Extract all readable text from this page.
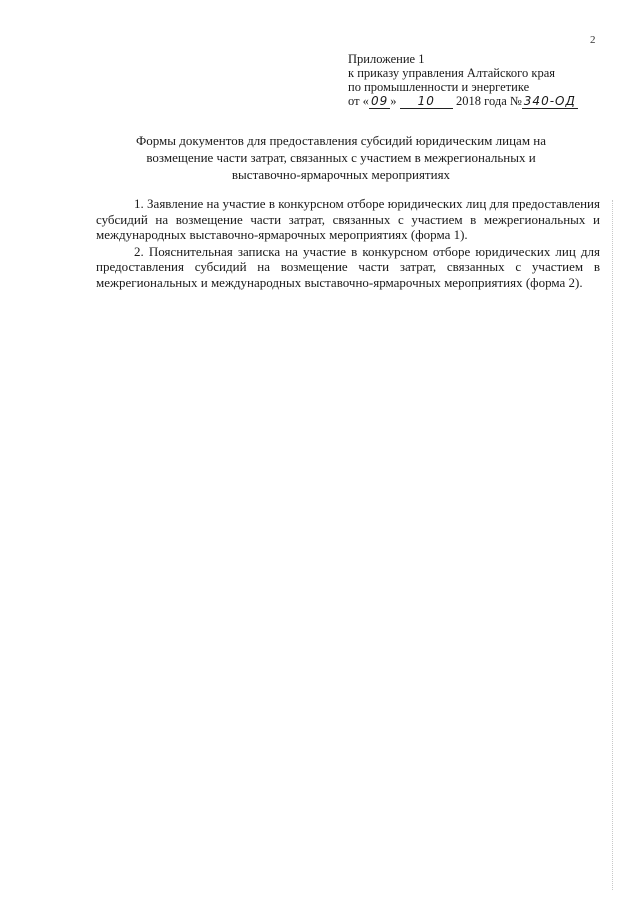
2
Приложение 1
к приказу управления Алтайского края
по промышленности и энергетике
от « 09 » 10 2018 года № 340-ОД
Формы документов для предоставления субсидий юридическим лицам на
возмещение части затрат, связанных с участием в межрегиональных и
выставочно-ярмарочных мероприятиях

1. Заявление на участие в конкурсном отборе юридических лиц для предоставления субсидий на возмещение части затрат, связанных с участием в межрегиональных и международных выставочно-ярмарочных мероприятиях (форма 1).

2. Пояснительная записка на участие в конкурсном отборе юридических лиц для предоставления субсидий на возмещение части затрат, связанных с участием в межрегиональных и международных выставочно-ярмарочных мероприятиях (форма 2).
